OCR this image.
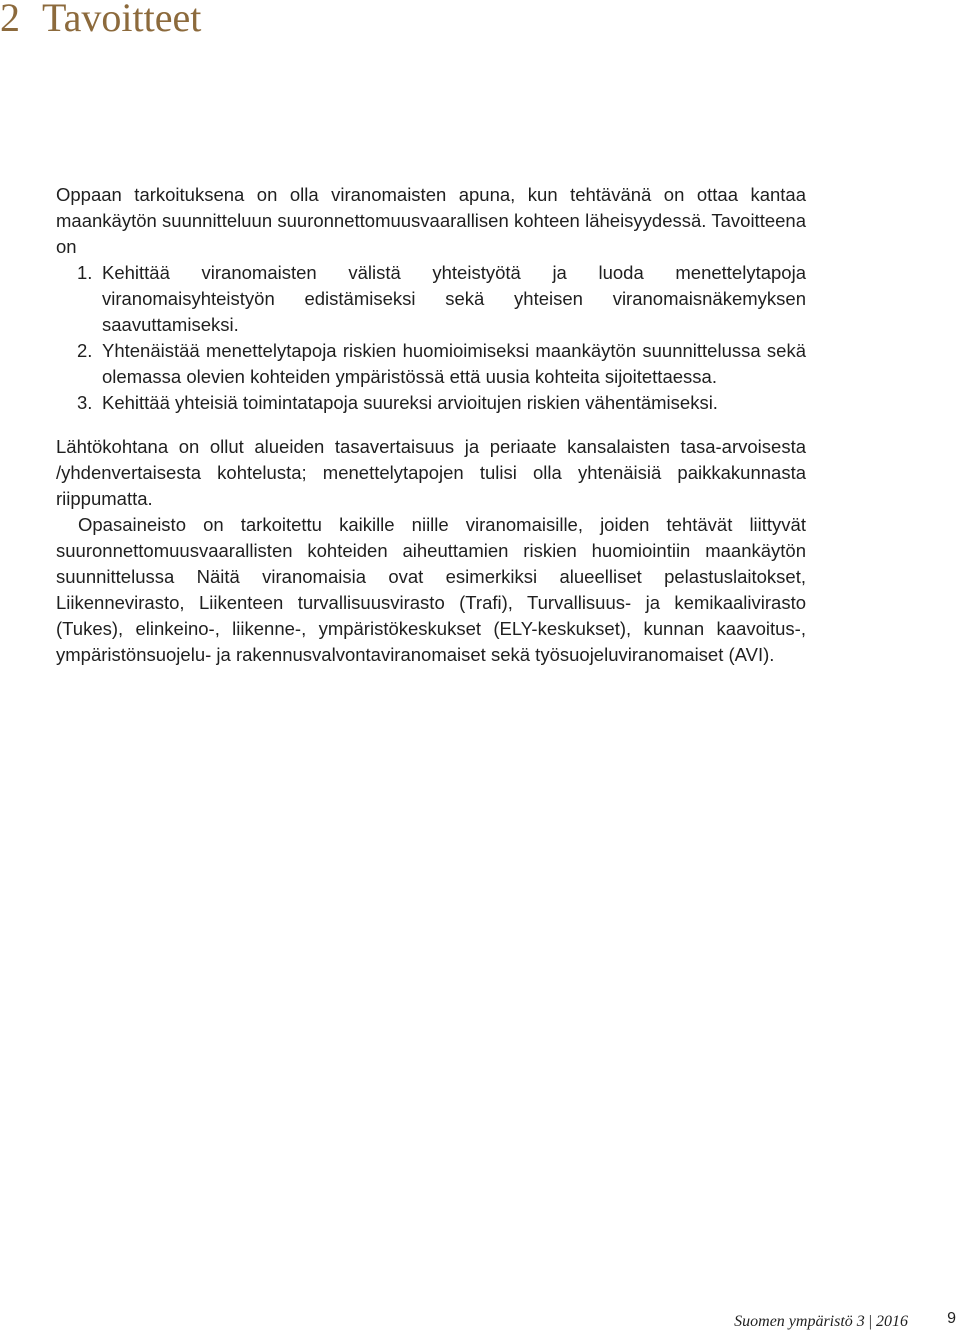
2 Tavoitteet

Oppaan tarkoituksena on olla viranomaisten apuna, kun tehtävänä on ottaa kantaa maankäytön suunnitteluun suuronnettomuusvaarallisen kohteen läheisyydessä. Tavoitteena on

1. Kehittää viranomaisten välistä yhteistyötä ja luoda menettelytapoja viranomaisyhteistyön edistämiseksi sekä yhteisen viranomaisnäkemyksen saavuttamiseksi.
2. Yhtenäistää menettelytapoja riskien huomioimiseksi maankäytön suunnittelussa sekä olemassa olevien kohteiden ympäristössä että uusia kohteita sijoitettaessa.
3. Kehittää yhteisiä toimintatapoja suureksi arvioitujen riskien vähentämiseksi.

Lähtökohtana on ollut alueiden tasavertaisuus ja periaate kansalaisten tasa-arvoisesta /yhdenvertaisesta kohtelusta; menettelytapojen tulisi olla yhtenäisiä paikkakunnasta riippumatta.

Opasaineisto on tarkoitettu kaikille niille viranomaisille, joiden tehtävät liittyvät suuronnettomuusvaarallisten kohteiden aiheuttamien riskien huomiointiin maankäytön suunnittelussa Näitä viranomaisia ovat esimerkiksi alueelliset pelastuslaitokset, Liikennevirasto, Liikenteen turvallisuusvirasto (Trafi), Turvallisuus- ja kemikaalivirasto (Tukes), elinkeino-, liikenne-, ympäristökeskukset (ELY-keskukset), kunnan kaavoitus-, ympäristönsuojelu- ja rakennusvalvontaviranomaiset sekä työsuojeluviranomaiset (AVI).

Suomen ympäristö 3 | 2016 9
